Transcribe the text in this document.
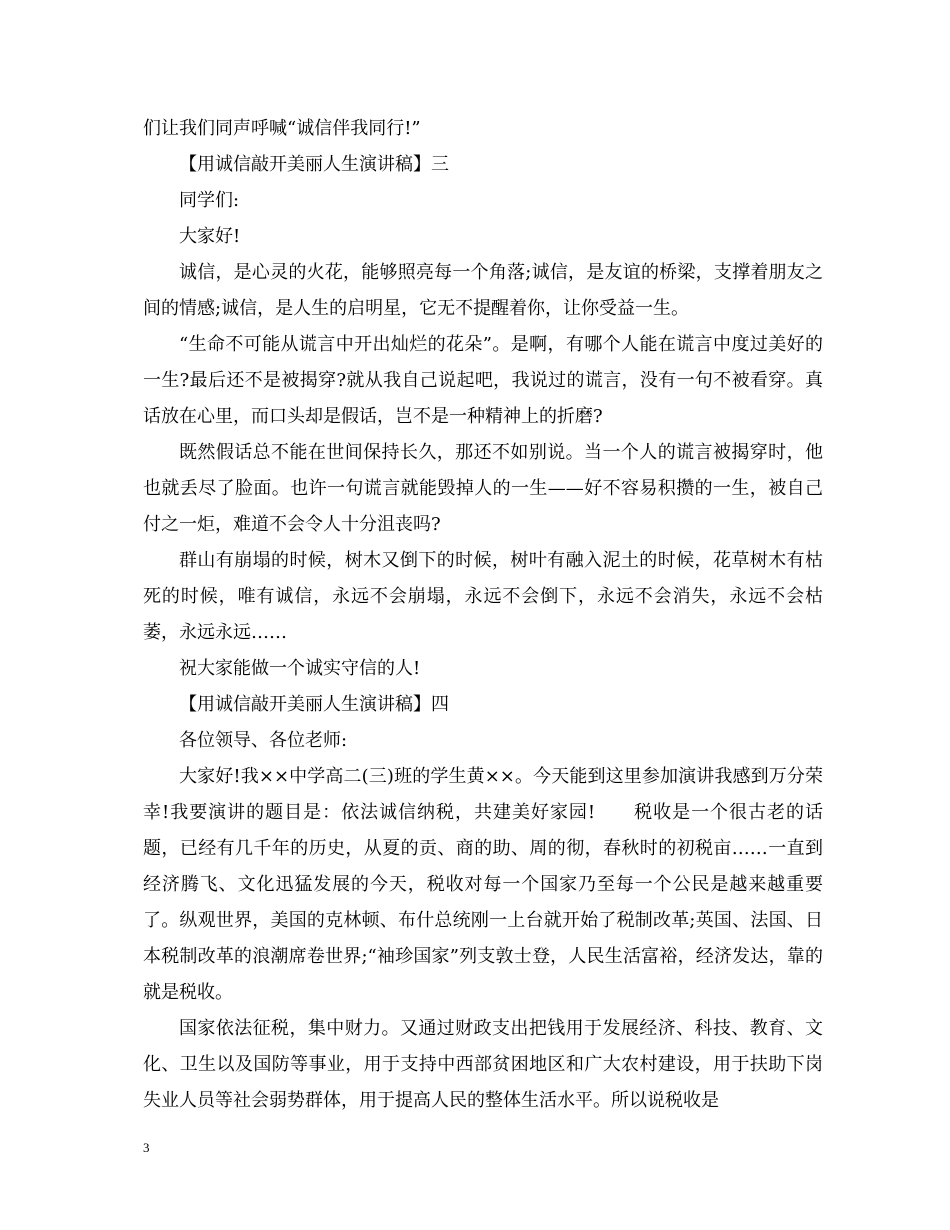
们让我们同声呼喊“诚信伴我同行!”

【用诚信敲开美丽人生演讲稿】三

同学们:

大家好!

诚信，是心灵的火花，能够照亮每一个角落;诚信，是友谊的桥梁，支撑着朋友之间的情感;诚信，是人生的启明星，它无不提醒着你，让你受益一生。

“生命不可能从谎言中开出灿烂的花朵”。是啊，有哪个人能在谎言中度过美好的一生?最后还不是被揭穿?就从我自己说起吧，我说过的谎言，没有一句不被看穿。真话放在心里，而口头却是假话，岂不是一种精神上的折磨?

既然假话总不能在世间保持长久，那还不如别说。当一个人的谎言被揭穿时，他也就丢尽了脸面。也许一句谎言就能毁掉人的一生——好不容易积攒的一生，被自己付之一炬，难道不会令人十分沮丧吗?

群山有崩塌的时候，树木又倒下的时候，树叶有融入泥土的时候，花草树木有枯死的时候，唯有诚信，永远不会崩塌，永远不会倒下，永远不会消失，永远不会枯萎，永远永远……

祝大家能做一个诚实守信的人!

【用诚信敲开美丽人生演讲稿】四

各位领导、各位老师:

大家好!我××中学高二(三)班的学生黄××。今天能到这里参加演讲我感到万分荣幸!我要演讲的题目是：依法诚信纳税，共建美好家园!　　税收是一个很古老的话题，已经有几千年的历史，从夏的贡、商的助、周的彻，春秋时的初税亩……一直到经济腾飞、文化迅猛发展的今天，税收对每一个国家乃至每一个公民是越来越重要了。纵观世界，美国的克林顿、布什总统刚一上台就开始了税制改革;英国、法国、日本税制改革的浪潮席卷世界;“袖珍国家”列支敦士登，人民生活富裕，经济发达，靠的就是税收。

国家依法征税，集中财力。又通过财政支出把钱用于发展经济、科技、教育、文化、卫生以及国防等事业，用于支持中西部贫困地区和广大农村建设，用于扶助下岗失业人员等社会弱势群体，用于提高人民的整体生活水平。所以说税收是

3
